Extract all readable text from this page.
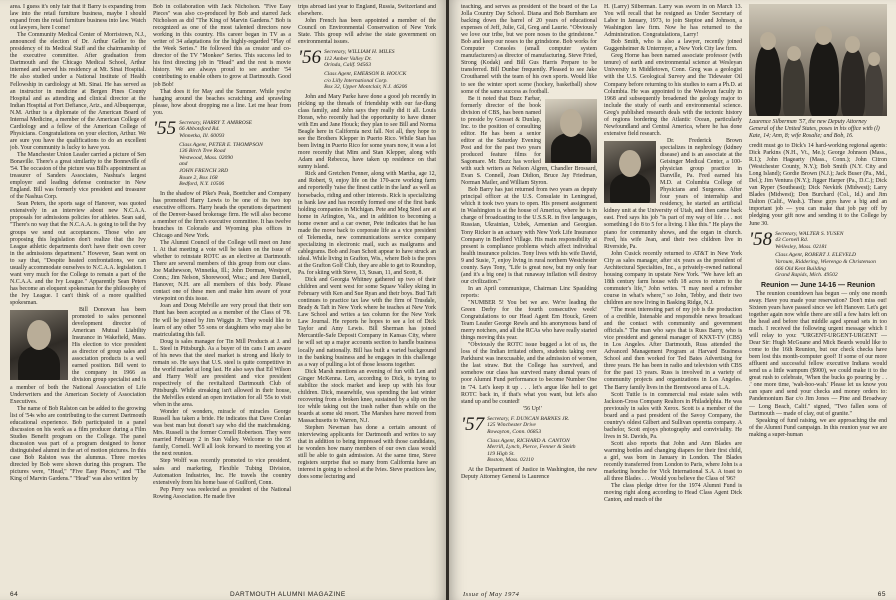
area. I guess it's only fair that if Barry is expanding from law into the retail furniture business, maybe I should expand from the retail furniture business into law. Watch out lawyers, here I come!

The Community Medical Center of Morristown, N.J., announced the election of Dr. Arthur Geller to the presidency of its Medical Staff and the chairmanship of the executive committee. After graduation from Dartmouth and the Chicago Medical School, Arthur interned and served his residency at Mt. Sinai Hospital. He also studied under a National Institute of Health Fellowship in cardiology at Mt. Sinai. He has served as an instructor in medicine at Bergen Pines County Hospital and as attending and clinical director at the Indian Hospital at Fort Defiance, Ariz., and Albuquerque, N.M. Arthur is a diplomate of the American Board of Internal Medicine, a member of the American College of Cardiology and a fellow of the American College of Physicians. Congratulations on your election, Arthur. We are sure you have the qualifications to do an excellent job. Your community is lucky to have you.

The Manchester Union Leader carried a picture of Sen Bonaville. There's a great similarity to the Bonneville of '54. The occasion of the picture was Bill's appointment as treasurer of Sanders Associates, Nashua's largest employer and leading defense contractor in New England. Bill was formerly vice president and treasurer of the Nashua Corp.

Sean Peters, the sports sage of Hanover, was quoted extensively in an interview about new N.C.A.A. proposals for admissions policies for athletes. Sean said, "There's no way that the N.C.A.A. is going to tell the Ivy groups we send out acceptances. Those who are proposing this legislation don't realize that the Ivy League athletic departments don't have their own cover in the admissions department." However, Sean went on to say that, "Despite heated confrontations, we can usually accommodate ourselves to N.C.A.A. legislation. I want very much for the College to remain a part of the N.C.A.A. and the Ivy League." Apparently Sean Peters has become an eloquent spokesman for the philosophy of the Ivy League. I can't think of a more qualified spokesman.

Bill Donovan has been promoted to sales personnel development director of American Mutual Liability Insurance in Wakefield, Mass. His election to vice president as director of group sales and association products is a well earned position. Bill went to the company in 1966 as division group specialist and is a member of both the National Association of Life Underwriters and the American Society of Association Executives.

The name of Bob Ralston can be added to the growing list of '54s who are contributing to the current Dartmouth educational experience. Bob participated in a panel discussion on his work as a film producer during a Film Studies Benefit program on the College. The panel discussion was part of a program designed to honor distinguished alumni in the art of motion pictures. In this case Bob Ralston was the alumnus. Three movies directed by Bob were shown during this program. The pictures were, "Head," "Five Easy Pieces," and "The King of Marvin Gardens." "Head" was also written by

Bob in collaboration with Jack Nicholson. "Five Easy Pieces" was also co-produced by Bob and starred Jack Nicholson as did "The King of Marvin Gardens." Bob is recognized as one of the most talented directors now working in this country. His career began in TV as a writer of 34 adaptations for the highly-regarded "Play of the Week Series." He followed this as creator and co-director of the TV "Monkee" Series. This success led to his first directing job in "Head" and the rest is movie history. We are always proud to see another '54 contributing to enable others to grow at Dartmouth. Good job Bob!

That does it for May and the Summer. While you're hanging around the beaches scratching and sprawling please, how about dropping me a line. Let me hear from you.

'55 Secretary, HARRY T. AMBROSE
66 Abbotsford Rd.
Winnetka, Ill. 60093
Class Agent, PETER E. THOMPSON
136 Birch Tree Road
Westwood, Mass. 02090
and
JOHN FRENCH 3RD
Route 2, Box 168
Bedford, N.Y. 10506

In the shadow of Pike's Peak, Boettcher and Company has promoted Harry Lewis to be one of its two top executive officers. Harry heads the operations department of the Denver-based brokerage firm. He will also become a member of the firm's executive committee. It has twelve branches in Colorado and Wyoming plus offices in Chicago and New York.

The Alumni Council of the College will meet on June 1. At that meeting a vote will be taken on the issue of whether to reinstate ROTC as an elective at Dartmouth. There are several members of this group from our class. Joe Mathewson, Winnetka, Ill.; John Dorman, Westport, Conn.; Jim Nelson, Shorewood, Wisc.; and Jere Daniell, Hanover, N.H. are all members of this body. Please contact one of these men and make him aware of your viewpoint on this issue.

Joan and Doug Melville are very proud that their son Hunt has been accepted as a member of the Class of '78. He will be joined by Jim Wiggin Jr. They would like to learn of any other '55 sons or daughters who may also be matriculating this fall.

Doug is sales manager for Tin Mill Products at J. and L. Steel in Pittsburgh. As a buyer of tin cans I am aware of his news that the steel market is strong and likely to remain so. He says that U.S. steel is quite competitive in the world market at long last. He also says that Ed Wilson and Harry Wolf are president and vice president respectively of the revitalized Dartmouth Club of Pittsburgh. While streaking isn't allowed in their house, the Melvilles extend an open invitation for all '55s to visit when in the area.

Wonder of wonders, miracle of miracles George Russell has taken a bride. He indicates that Dave Conlan was best man but doesn't say who did the matchmaking. Mrs. Russell is the former Cornell Robertson. They were married February 2 in Sun Valley. Welcome to the 55 family, Cornell. We'll all look forward to meeting you at the next reunion.

Step Wolff was recently promoted to vice president, sales and marketing, Flexible Tubing Division, Automation Industries, Inc. He travels the country extensively from his home base of Guilford, Conn.

Pep Perry was reelected as president of the National Rowing Association. He made five

trips abroad last year to England, Russia, Switzerland and elsewhere.

John French has been appointed a member of the Council on Environmental Conservation of New York State. This group will advise the state government on environmental issues.

'56 Secretary, WILLIAM H. MILES
112 Amber Valley Dr.
Orinda, Calif. 94563
Class Agent, EMERSON B. HOUCK
c/o Lilly International Corp.
Box 32, Upper Montclair, N.J. 46206

John and Mary Parke have done a good job recently in picking up the threads of friendship with our far-flung class family, and John says they really did it all. Louis Horan, who recently had the opportunity to have dinner with Em and Jane Houck; they plan to see Bill and Norma Beagle here in California next fall. Not all, they hope to see the Brothers Klepper in Puerto Rico. While Stan has been living in Puerto Rico for some years now, it was a lot more recently that Mim and Stan Klepper, along with Adam and Rebecca, have taken up residence on that sunny island.

Rick and Gretchen Fenner, along with Martha, age 12, and Robert, 9, enjoy life on the 170-acre working farm and reportedly 'raise the finest cattle in the land' as well as horsebacks, riding and other interests. Rick is specializing in bank law and has recently formed one of the first bank holding companies in Michigan. Pete and Meg Steel are at home in Arlington, Va., and in addition to becoming a home owner and a car owner, Pete indicates that he has made the move back to corporate life as a vice president of Telemedia, new communications service company specializing in electronic mail, such as mailgrams and cablegrams. Bob and Joan Schott appear to have struck an ideal. While living in Grafton, Wis., where Bob is the pres at the Grafton Golf Club, they are able to get to Roundtop, Pa. for skiing with Steve, 13, Susan, 11, and Scott, 8.

Dick and Georgia Whitney gathered up two of their children and went west for some Squaw Valley skiing in February with Ken and Sue Ryan and their boys. Bud Taft continues to practice tax law with the firm of Trusdale, Brady & Taft in New York where he teaches at New York Law School and writes a tax column for the New York Law Journal. He reports he hopes to see a lot of Dick Taylor and Amy Lewis. Bill Sherman has joined Mercantile-Safe Deposit Company in Kansas City, where he will set up a major accounts section to handle business locally and nationally. Bill has built a varied background in the banking business and he engages in this challenge as a way of pulling a lot of those lessons together.

Dick Marsh mentions an evening of fun with Len and Ginger McKenna. Len, according to Dick, is trying to stabilize the stock market and keep up with his four children. Dick, meanwhile, was spending the last winter recovering from a broken knee, sustained by a slip on the ice while taking out the trash rather than while on the boards at some ski resort. The Marshes have moved from Massachusetts to Warren, N.J.

Stephen Newman has done a certain amount of interviewing applicants for Dartmouth and writes to say that in addition to being impressed with those candidates, he wonders how many members of our own class would still be able to gain admission. At the same time, Steve registers surprise that so many from California have an interest in going to school at the Ivies. Steve practices law, does some lecturing and

64	DARTMOUTH ALUMNI MAGAZINE

teaching, and serves as president of the board of the La Jolla Country Day School. Diana and Bob Burnham are backing down the barrel of 20 years of educational expenses of Jeff, Julie, Gil, Greg and Laurie. "Obviously we love our tribe, but we pore noses to the grindstone." Bob and keep our noses to the grindstone. Bob works for Computer Consoles (small computer system manufacturers) as director of manufacturing. Steve Fried, Strong (Kodak) and Bill Gus Harris Prepare to be transferred. Bill Dunbar frequently. Pleased to see Jake Crouthamel with the team of his own sports. Would like to see the winter sport scene (hockey, basketball) show some of the same success as football.

Be it noted that Buzz Farbar, formerly director of the book division of CBS, has been named to preside by Grosset & Dunlap, Inc. to the position of consulting editor. He has been a senior editor at the Saturday Evening Post and for the past two years produced feature films for Sagomare. Mr. Buzz has worked with such writers as Nelson Algren, Chandler Brossard, Evan S. Connell, Joan Didion, Bruce Jay Friedman, Norman Mailer, and William Styron.

Bob Barry has just returned from two years as deputy principal officer at the U.S. Consulate in Leningrad, which it took two years to open. His present assignment in Washington is at the house of America, where he is in charge of broadcasting to the U.S.S.R. in five languages, Russian, Ukrainian, Uzbek, Armenian and Georgian. Tony Ricker is an actuary with New York Life Insurance Company in Bedford Village. His main responsibility at present is compliance problems which affect individual health insurance policies. Tony lives with his wife David, 9 and Susie, 7, enjoy living in rural northern Westchester county. Says Tony, "Life is great now, but my only fear (and it's a big one) is that runaway inflation will destroy our civilization."

In an April communique, Chairman Linc Spaulding reports:

"NUMBER 5! You bet we are. We're leading the Green Derby for the fourth consecutive week! Congratulations to our Head Agent Em Houck, Green Team Leader George Rewls and his anonymous band of merry notchers, and all the RCAs who have really started things moving this year.

"Obviously the ROTC issue bugged a lot of us, the loss of the Indian irritated others, students taking over Parkhurst was inexcusable, and the admission of women, the last straw. But the College has survived, and somehow our class has survived many dismal years of poor Alumni Fund performance to become Number One in '74. Let's keep it up . . . let's argue like hell to get ROTC back in, if that's what you want, but let's also stand up and be counted!

'56 Up!'

'57 Secretary, F. DUNCAN BARNES JR.
125 Winchester Drive
Rowayton, Conn. 06853
Class Agent, RICHARD A. CANTON
Merrill, Lynch, Pierce, Fenner & Smith
119 High St.
Boston, Mass. 02110

At the Department of Justice in Washington, the new Deputy Attorney General is Laurence

H. (Larry) Silberman. Larry was sworn in on March 13. You will recall that he resigned as Under Secretary of Labor in January, 1973, to join Steptoe and Johnson, a Washington law firm. Now he has returned to the Administration. Congratulations, Larry!

Bob Smith, who is also a lawyer, recently joined Guggenheimer & Untermyer, a New York City law firm.

Greg Horne has been named associate professor (with tenure) of earth and environmental science at Wesleyan University in Middletown, Conn. Greg was a geologist with the U.S. Geological Survey and the Tidewater Oil Company before returning to his studies to earn a Ph.D. at Columbia. He was appointed to the Wesleyan faculty in 1968 and subsequently broadened the geology major to include the study of earth and environmental science. Greg's published research deals with the tectonic history of regions bordering the Atlantic Ocean, particularly Newfoundland and Central America, where he has done extensive field research.

Dr. Frederick Brown specializes in nephrology (kidney disease) and is an associate at the Geisinger Medical Center, a 100-physician group practice in Danville, Pa. Fred earned his M.D. at Columbia College of Physicians and Surgeons. After four years of internship and residency, he started an artificial kidney unit at the University of Utah, and then came back east. Fred says his job "is part of my way of life . . . not something I do 8 to 5 for a living. I like this." He plays the piano for community shows, and the organ in church. Fred, his wife Jean, and their two children live in Riverside, Pa.

John Cusick recently returned to AT&T in New York City as sales manager, after six years as the president of Architectural Specialties, Inc., a privately-owned national housing company in upstate New York. "We have left an 18th century farm house with 18 acres to return to the commuter's life," John writes. "I may need a refresher course in what's where," so John, Tebby, and their two children are now living in Basking Ridge, N.J.

"The most interesting part of my job is the production of a credible, listenable and responsible news broadcast and the contact with community and government officials." The man who says that is Russ Barry, who is vice president and general manager of KNXT-TV (CBS) in Los Angeles. After Dartmouth, Russ attended the Advanced Management Program at Harvard Business School and then worked for Ted Bates Advertising for three years. He has been in radio and television with CBS for the past 13 years. Russ is involved in a variety of community projects and organizations in Los Angeles. The Barry family lives in the Brentwood area of L.A.

Scott Tuttle is in commercial real estate sales with Jackson-Cross Company Realtors in Philadelphia. He was previously in sales with Xerox. Scott is a member of the board and a past president of the Savoy Company, the country's oldest Gilbert and Sullivan operetta company. A bachelor, Scott enjoys photography and conviviality. He lives in St. Davids, Pa.

Scott also reports that John and Ann Blades are warming bottles and changing diapers for their first child, a girl, was born in January in London. The Blades recently transferred from London to Paris, where John is a marketing honcho for Vick International S.A. A toast to all three Blades . . . Would you believe the Class of '96?

The class pledge drive for the 1974 Alumni Fund is moving right along according to Head Class Agent Dick Canton, and much of the

Laurence Silberman '57, the new Deputy Attorney General of the United States, poses in his office with (l) Kate, 14; Ann, 8; wife Rosalie; and Bob, 16.

credit must go to Dick's 14 hard-working regional agents: Dick Parkins (N.H., Vt., Me.); George Johnson (Mass., R.I.); John Hagearty (Mass., Conn.); John Citron (Westchester County, N.Y.); Bob Smith (N.Y. City and Long Island); Gordie Brown (N.J.); Jack Buser (Pa., Md., Del.); Jim Ventura (N.Y.); Jigger Harper (Pa., D.C.); Dick van Ryper (Southeast); Dick Nevkirk (Midwest); Larry Blades (Midwest); Don Burchard (Col., Id.) and Jim Dalton (Calif., Wash.). These guys have a big and an important job — you can make that job pay off by pledging your gift now and sending it to the College by June 30.

'58 Secretary, WALTER S. YUSEN
43 Cornell Rd.
Wellesley, Mass. 02181
Class Agent, ROBERT J. ELEVELD
Varnum, Riddering, Wierengo & Christenson
666 Old Kent Building
Grand Rapids, Mich. 49502
Reunion — June 14-16 — Reunion

The reunion countdown has begun — only one month away. Have you made your reservation? Don't miss out! Sixteen years have passed since we left Hanover. Let's get together again now while there are still a few hairs left on the head and before that middle aged spread sets in too much. I received the following urgent message which I will relay to you: "URGENT-URGENT-URGENT — Dear Sir: Hugh McGuane and Mick Beards would like to come to the 16th Reunion, but our check checks have been lost this month-computer goof! If some of our more affluent and successful fellow executive Indians would send us a little wampum ($900), we could make it to the great rush to celebrate, 'When the bucks go pouring by . . .' one more time, 'wah-hoo-wah.' Please let us know you can spare and send your checks and money orders to: Pandemonium Bar c/o Jim Jones — Pine and Broadway — Long Beach, Calif." signed, "Two fallen sons of Dartmouth — made of clay, out of granite."

Speaking of fund raising, we are approaching the end of the Alumni Fund campaign. In this reunion year we are making a super-human

Issue of May 1974	65
